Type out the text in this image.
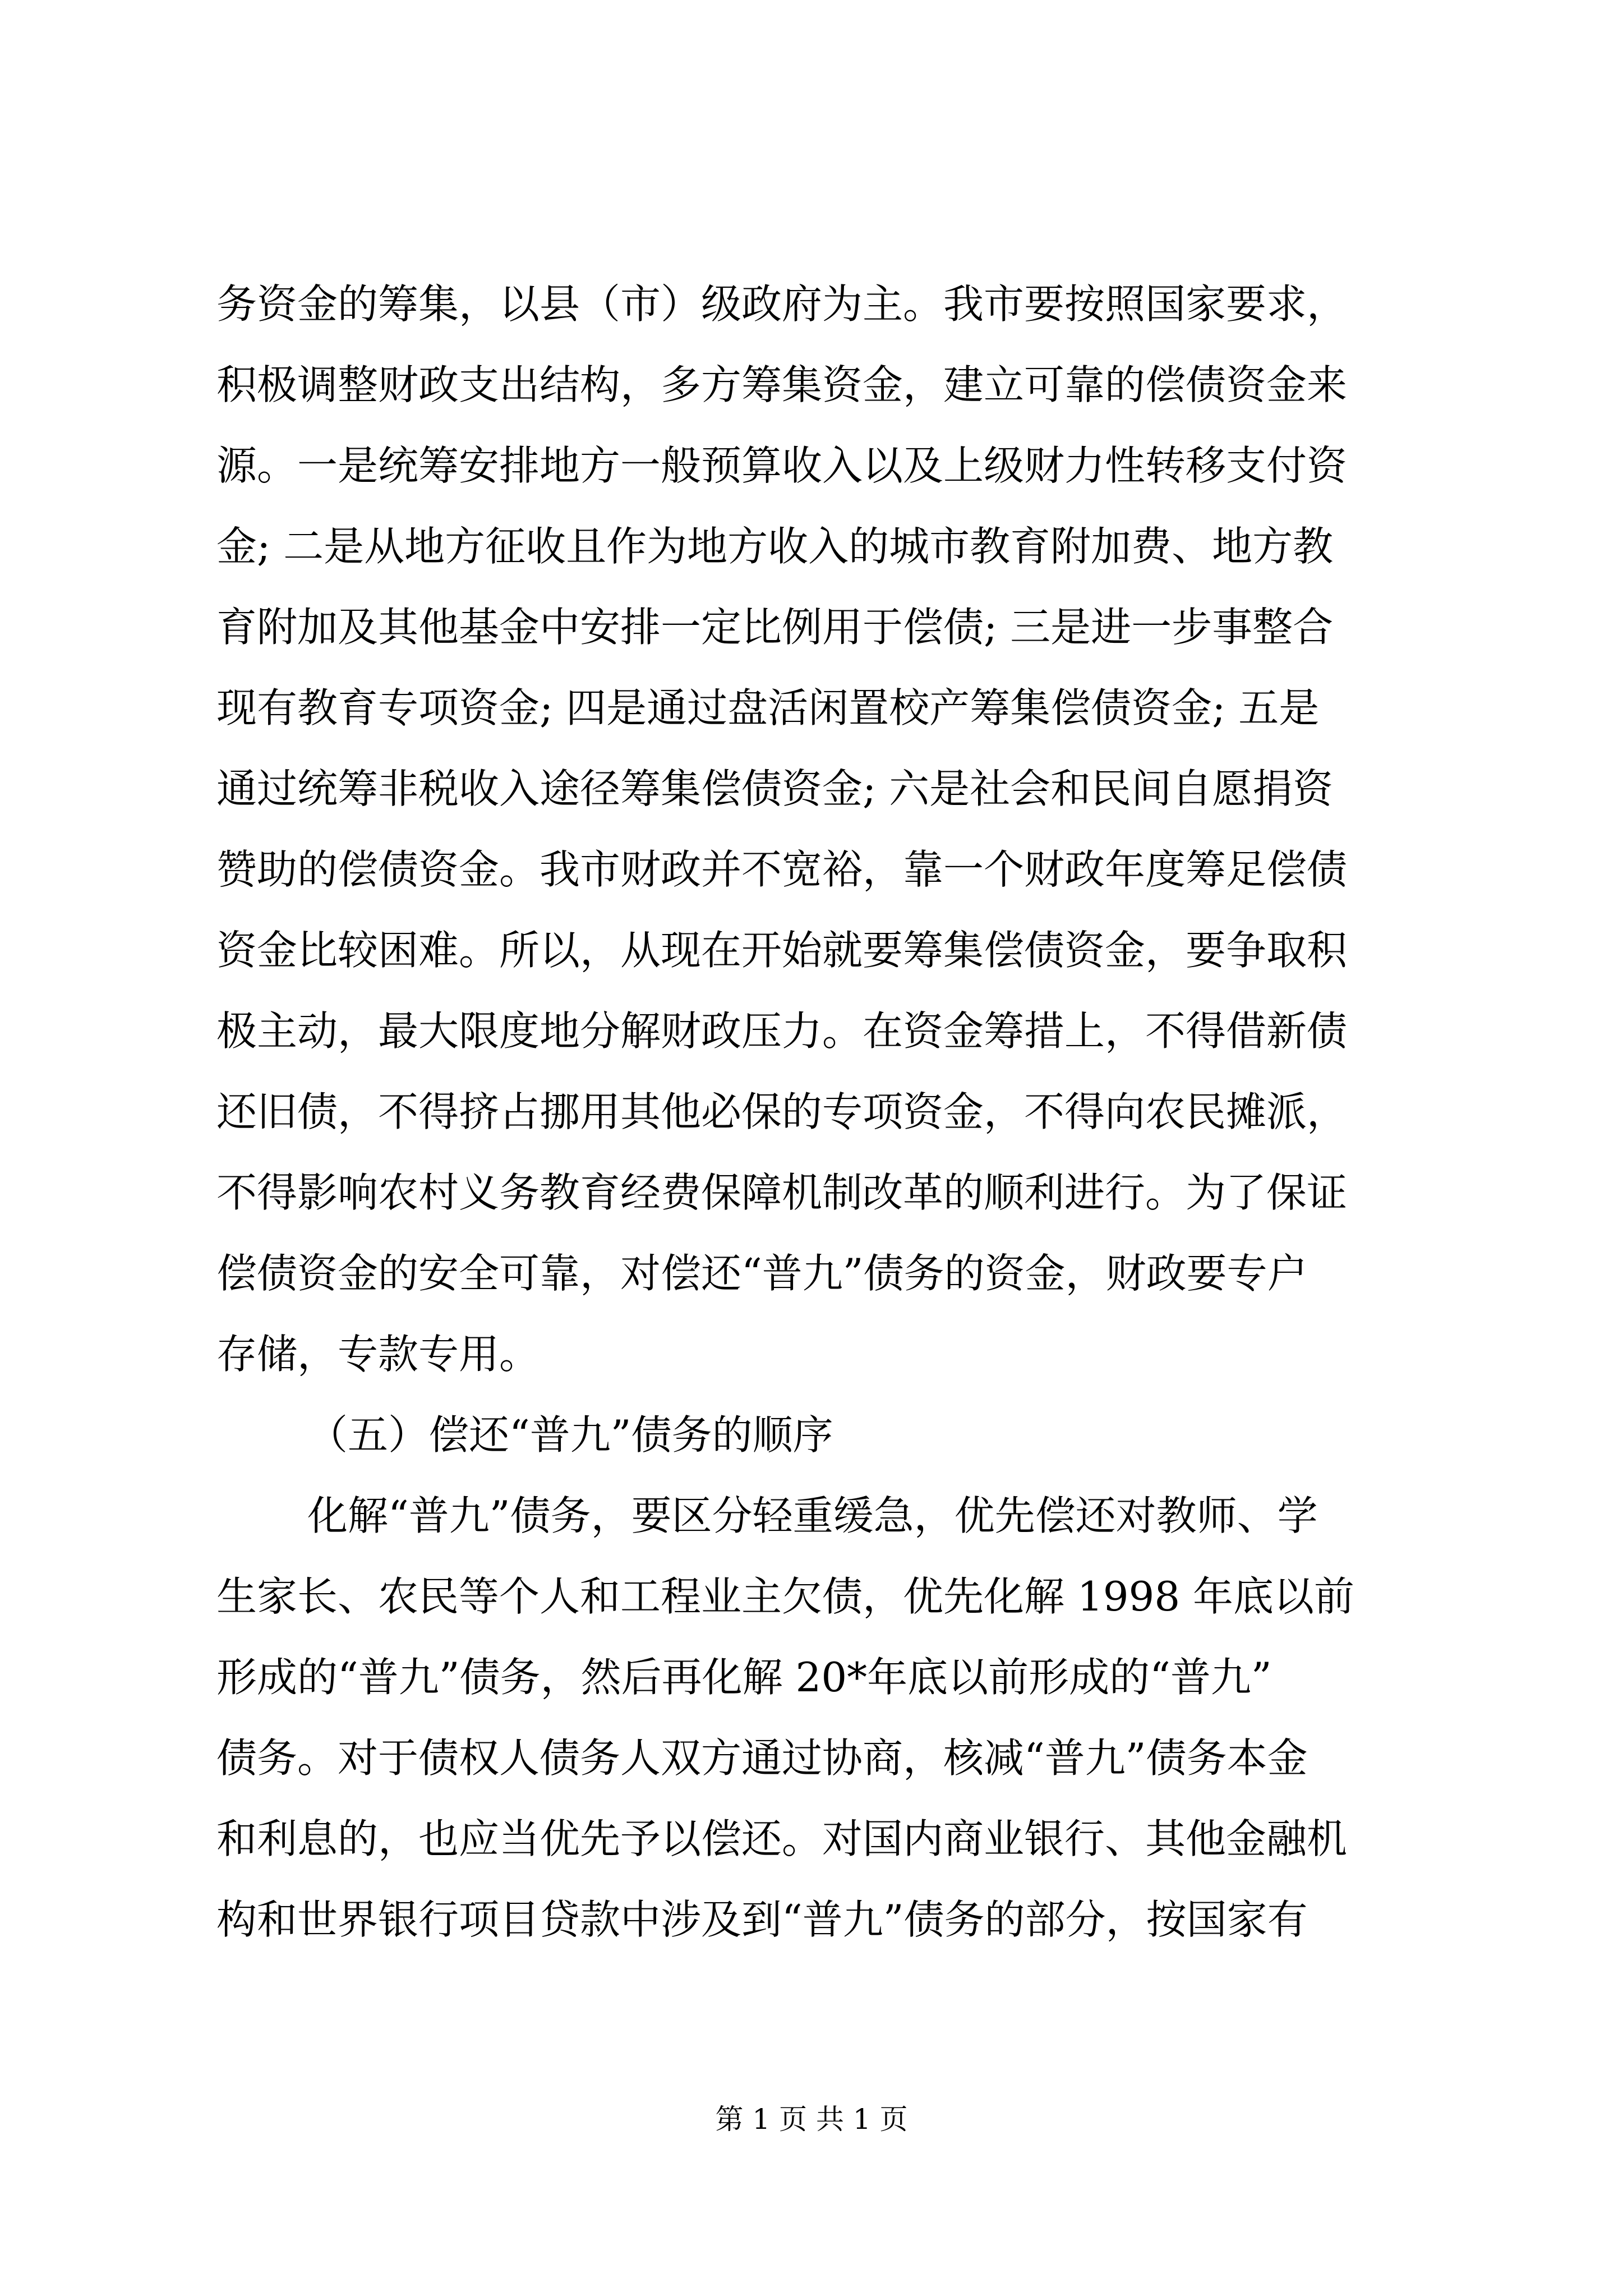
务资金的筹集，以县（市）级政府为主。我市要按照国家要求，
积极调整财政支出结构，多方筹集资金，建立可靠的偿债资金来
源。一是统筹安排地方一般预算收入以及上级财力性转移支付资
金; 二是从地方征收且作为地方收入的城市教育附加费、地方教
育附加及其他基金中安排一定比例用于偿债; 三是进一步事整合
现有教育专项资金; 四是通过盘活闲置校产筹集偿债资金; 五是
通过统筹非税收入途径筹集偿债资金; 六是社会和民间自愿捐资
赞助的偿债资金。我市财政并不宽裕，靠一个财政年度筹足偿债
资金比较困难。所以，从现在开始就要筹集偿债资金，要争取积
极主动，最大限度地分解财政压力。在资金筹措上，不得借新债
还旧债，不得挤占挪用其他必保的专项资金，不得向农民摊派，
不得影响农村义务教育经费保障机制改革的顺利进行。为了保证
偿债资金的安全可靠，对偿还“普九”债务的资金，财政要专户
存储，专款专用。
（五）偿还“普九”债务的顺序
化解“普九”债务，要区分轻重缓急，优先偿还对教师、学
生家长、农民等个人和工程业主欠债，优先化解 1998 年底以前
形成的“普九”债务，然后再化解 20*年底以前形成的“普九”
债务。对于债权人债务人双方通过协商，核减“普九”债务本金
和利息的，也应当优先予以偿还。对国内商业银行、其他金融机
构和世界银行项目贷款中涉及到“普九”债务的部分，按国家有
第 1 页 共 1 页
